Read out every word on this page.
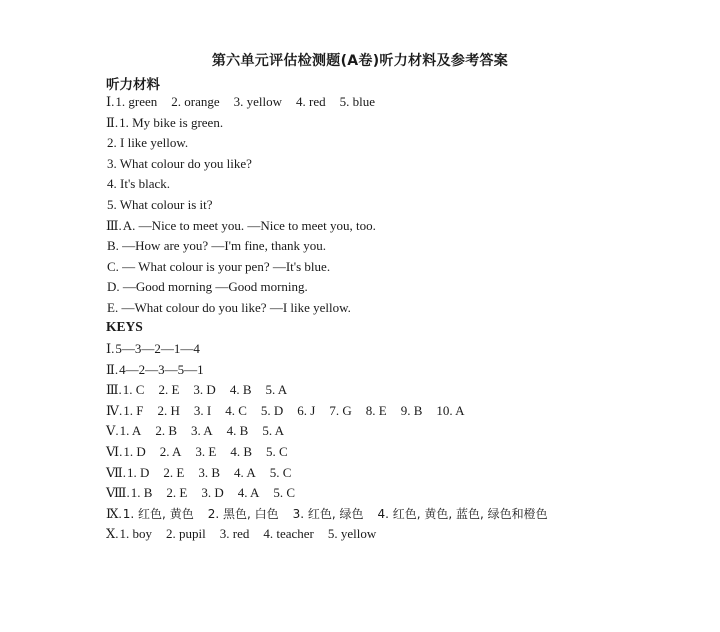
第六单元评估检测题(A卷)听力材料及参考答案
听力材料
Ⅰ.1. green 2. orange 3. yellow 4. red 5. blue
Ⅱ.1. My bike is green.
2. I like yellow.
3. What colour do you like?
4. It's black.
5. What colour is it?
Ⅲ.A. —Nice to meet you. —Nice to meet you, too.
B. —How are you? —I'm fine, thank you.
C. — What colour is your pen? —It's blue.
D. —Good morning —Good morning.
E. —What colour do you like? —I like yellow.
KEYS
Ⅰ.5—3—2—1—4
Ⅱ.4—2—3—5—1
Ⅲ.1. C 2. E 3. D 4. B 5. A
Ⅳ.1. F 2. H 3. I 4. C 5. D 6. J 7. G 8. E 9. B 10. A
Ⅴ.1. A 2. B 3. A 4. B 5. A
Ⅵ.1. D 2. A 3. E 4. B 5. C
Ⅶ.1. D 2. E 3. B 4. A 5. C
Ⅷ.1. B 2. E 3. D 4. A 5. C
Ⅸ.1. 红色, 黄色 2. 黑色, 白色 3. 红色, 绿色 4. 红色, 黄色, 蓝色, 绿色和橙色
Ⅹ.1. boy 2. pupil 3. red 4. teacher 5. yellow
